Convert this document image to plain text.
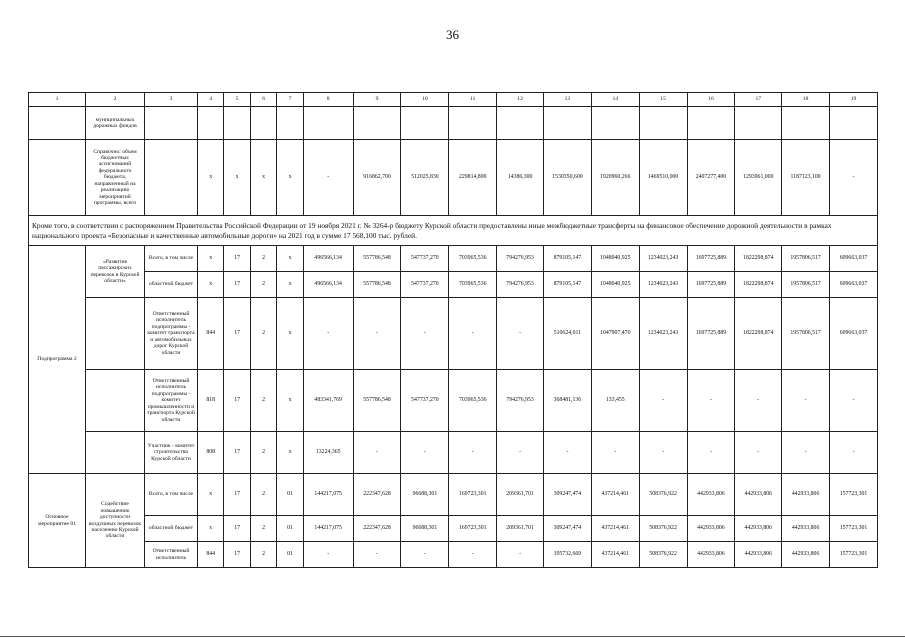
36
1	2	3	4	5	6	7	8	9	10	11	12	13	14	15	16	17	18	19
	муниципальных дорожных фондов																	
	Справочно: объем бюджетных ассигнований федерального бюджета, направленный на реализацию мероприятий программы, всего		x	x	x	x	-	916862,700	512025,830	229814,800	14386,300	1530350,600	1920960,266	1469510,000	2407277,400	1293961,000	1187123,100	-
Кроме того, в соответствии с распоряжением Правительства Российской Федерации от 19 ноября 2021 г. № 3264-р бюджету Курской области предоставлены иные межбюджетные трансферты на финансовое обеспечение дорожной деятельности в рамках национального проекта «Безопасные и качественные автомобильные дороги» на 2021 год в сумме 17 568,100 тыс. рублей.																		
Подпрограмма 2	«Развитие пассажирских перевозок в Курской области»	Всего, в том числе	x	17	2	x	496566,134	557786,548	547737,270	703965,536	794276,953	879105,147	1048040,925	1234023,243	1697725,889	1822298,874	1957806,517	609663,037
		областной бюджет	x	17	2	x	496566,134	557786,548	547737,270	703965,536	794276,953	879105,147	1048040,925	1234023,243	1697725,889	1822298,874	1957806,517	609663,037
		Ответственный исполнитель подпрограммы - комитет транспорта и автомобильных дорог Курской области	844	17	2	x	-	-	-	-	-	510624,011	1047907,470	1234023,243	1697725,889	1822298,874	1957806,517	609663,037
		Ответственный исполнитель подпрограммы - комитет промышленности и транспорта Курской области	818	17	2	x	483341,769	557786,548	547737,270	703965,536	794276,953	368481,136	133,455	-	-	-	-	-
		Участник - комитет строительства Курской области	808	17	2	x	13224,365	-	-	-	-	-	-	-	-	-	-	-
Основное мероприятие 01	Содействие повышению доступности воздушных перевозок населению Курской области	Всего, в том числе	x	17	2	01	144217,075	222347,628	96688,301	169723,301	209361,701	309247,474	437214,461	508376,922	442933,806	442933,806	442933,806	157723,301
		областной бюджет	x	17	2	01	144217,075	222347,628	96688,301	169723,301	209361,701	309247,474	437214,461	508376,922	442933,806	442933,806	442933,806	157723,301
		Ответственный исполнитель	844	17	2	01	-	-	-	-	-	195732,669	437214,461	508376,922	442933,806	442933,806	442933,806	157723,301
